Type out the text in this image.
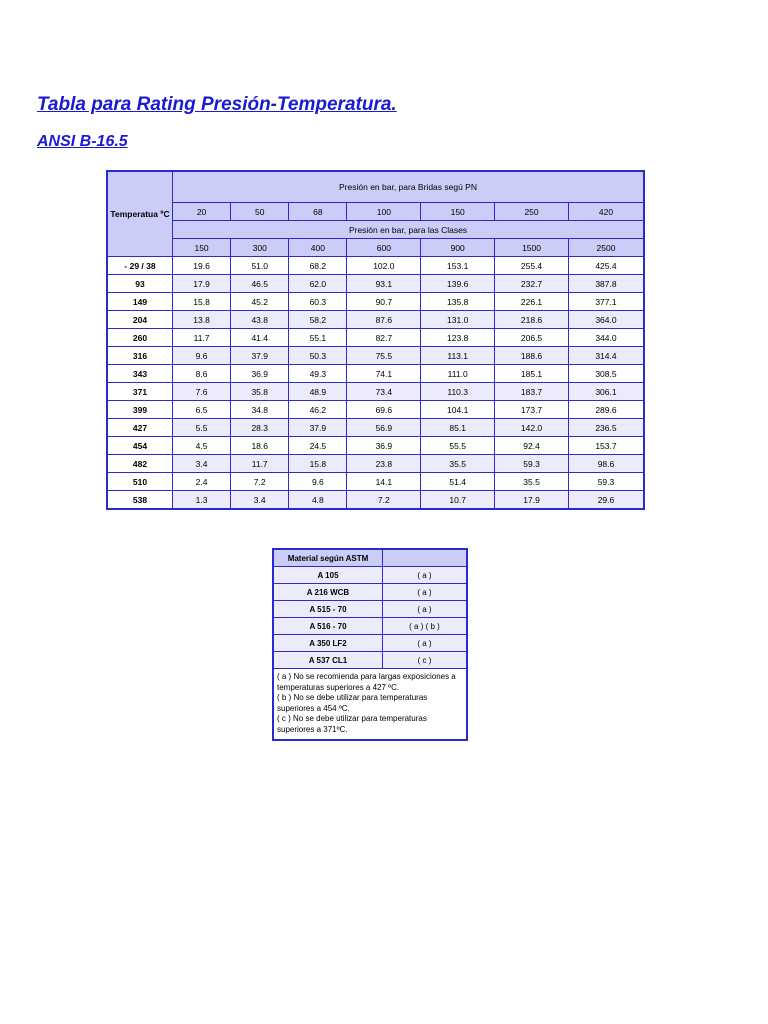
Tabla para Rating Presión-Temperatura.
ANSI B-16.5
Temperatua ºC	Presión en bar, para Bridas segú PN						
	20	50	68	100	150	250	420
	Presión en bar, para las Clases						
	150	300	400	600	900	1500	2500
- 29 / 38	19.6	51.0	68.2	102.0	153.1	255.4	425.4
93	17.9	46.5	62.0	93.1	139.6	232.7	387.8
149	15.8	45.2	60.3	90.7	135.8	226.1	377.1
204	13.8	43.8	58.2	87.6	131.0	218.6	364.0
260	11.7	41.4	55.1	82.7	123.8	206.5	344.0
316	9.6	37.9	50.3	75.5	113.1	188.6	314.4
343	8.6	36.9	49.3	74.1	111.0	185.1	308.5
371	7.6	35.8	48.9	73.4	110.3	183.7	306.1
399	6.5	34.8	46.2	69.6	104.1	173.7	289.6
427	5.5	28.3	37.9	56.9	85.1	142.0	236.5
454	4.5	18.6	24.5	36.9	55.5	92.4	153.7
482	3.4	11.7	15.8	23.8	35.5	59.3	98.6
510	2.4	7.2	9.6	14.1	51.4	35.5	59.3
538	1.3	3.4	4.8	7.2	10.7	17.9	29.6
Material según ASTM	
A 105	( a )
A 216 WCB	( a )
A 515 - 70	( a )
A 516 - 70	( a ) ( b )
A 350 LF2	( a )
A 537 CL1	( c )

( a ) No se recomienda para largas exposiciones a temperaturas superiores a 427 ºC.
( b ) No se debe utilizar para temperaturas superiores a 454 ºC.
( c ) No se debe utilizar para temperaturas superiores a 371ºC.	
